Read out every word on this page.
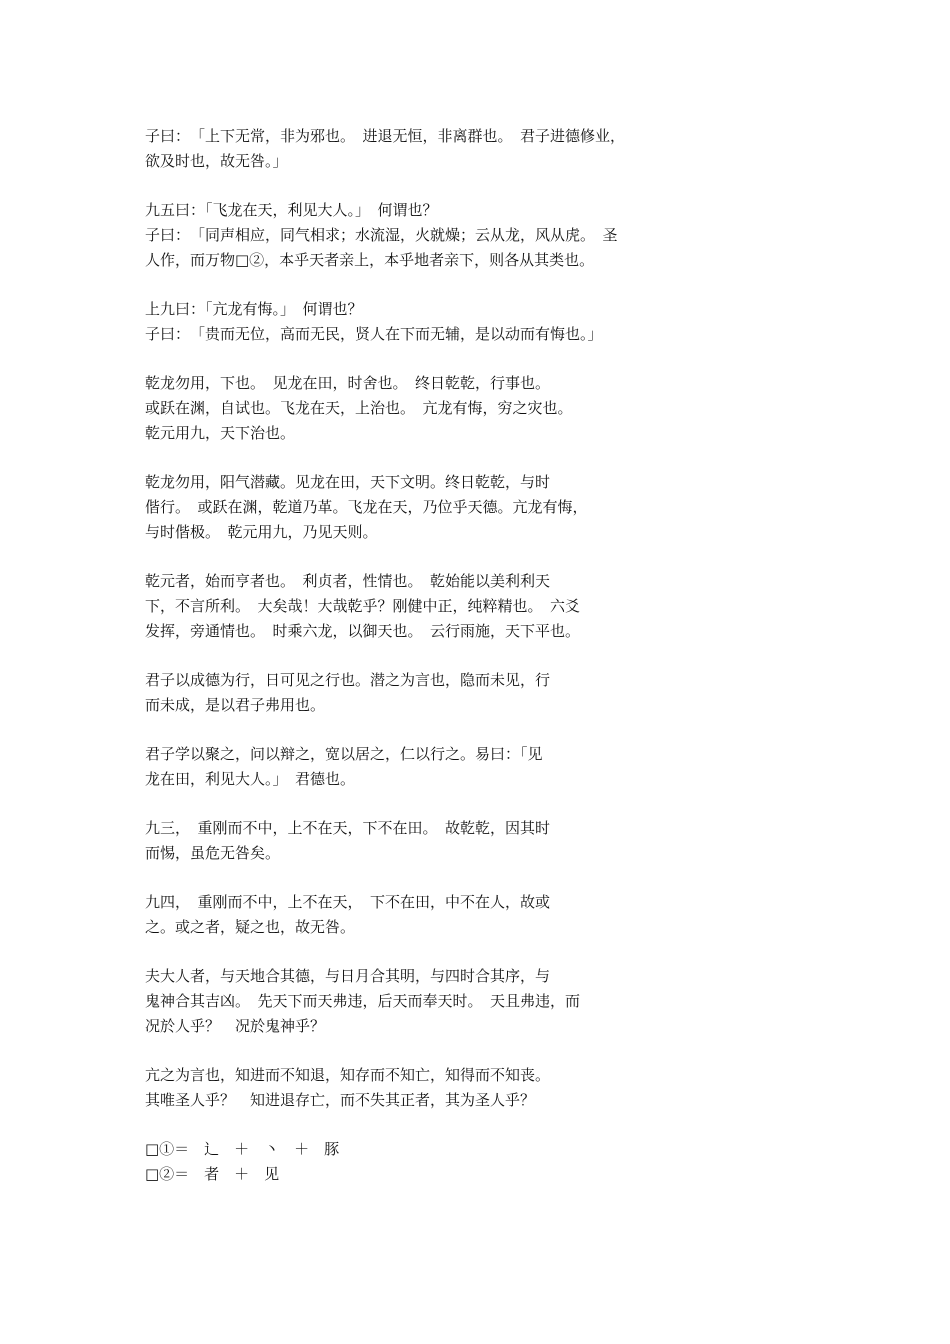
子曰：　「上下无常，非为邪也。　进退无恒，非离群也。　君子进德修业，
欲及时也，故无咎。」
九五曰：「飞龙在天，利见大人。」　何谓也？
子曰：　「同声相应，同气相求；水流湿，火就燥；云从龙，风从虎。　圣
人作，而万物□②，本乎天者亲上，本乎地者亲下，则各从其类也。
上九曰：「亢龙有悔。」　何谓也？
子曰：　「贵而无位，高而无民，贤人在下而无辅，是以动而有悔也。」
乾龙勿用，下也。　见龙在田，时舍也。　终日乾乾，行事也。
或跃在渊，自试也。飞龙在天，上治也。　亢龙有悔，穷之灾也。
乾元用九，天下治也。
乾龙勿用，阳气潜藏。见龙在田，天下文明。终日乾乾，与时
偕行。　或跃在渊，乾道乃革。飞龙在天，乃位乎天德。亢龙有悔，
与时偕极。　乾元用九，乃见天则。
乾元者，始而亨者也。　利贞者，性情也。　乾始能以美利利天
下，不言所利。　大矣哉！大哉乾乎？刚健中正，纯粹精也。　六爻
发挥，旁通情也。　时乘六龙，以御天也。　云行雨施，天下平也。
君子以成德为行，日可见之行也。潜之为言也，隐而未见，行
而未成，是以君子弗用也。
君子学以聚之，问以辩之，宽以居之，仁以行之。易曰：「见
龙在田，利见大人。」　君德也。
九三，　重刚而不中，上不在天，下不在田。　故乾乾，因其时
而惕，虽危无咎矣。
九四，　重刚而不中，上不在天，　下不在田，中不在人，故或
之。或之者，疑之也，故无咎。
夫大人者，与天地合其德，与日月合其明，与四时合其序，与
鬼神合其吉凶。　先天下而天弗违，后天而奉天时。　天且弗违，而
况於人乎？　况於鬼神乎？
亢之为言也，知进而不知退，知存而不知亡，知得而不知丧。
其唯圣人乎？　知进退存亡，而不失其正者，其为圣人乎？
□①＝　辶　＋　丶　＋　豚
□②＝　者　＋　见
